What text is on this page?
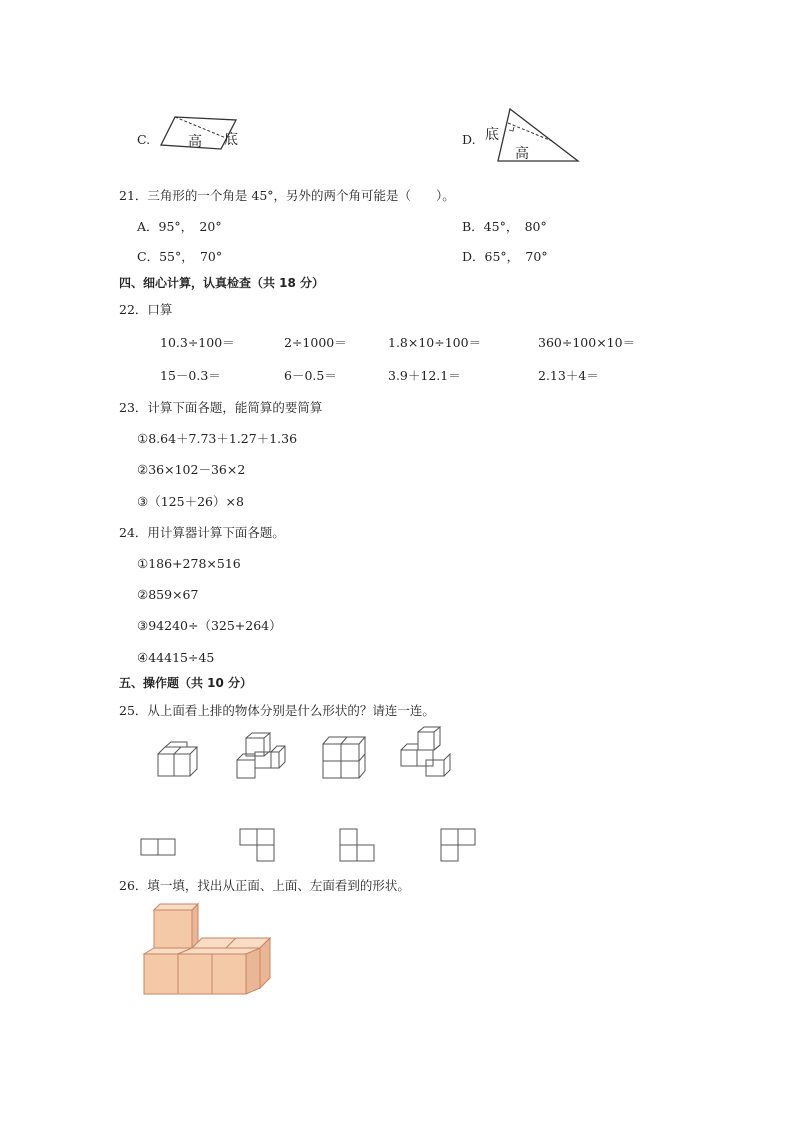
C.	高 底	D. 底
高
21．三角形的一个角是 45°，另外的两个角可能是（　　）。
A．95°，　20°	B．45°，　80°
C．55°，　70°	D．65°，　70°
四、细心计算，认真检查（共 18 分）
22．口算
10.3÷100＝	2÷1000＝	1.8×10÷100＝	360÷100×10＝
15－0.3＝	6－0.5＝	3.9＋12.1＝	2.13＋4＝
23．计算下面各题，能简算的要简算
①8.64＋7.73＋1.27＋1.36
②36×102－36×2
③（125＋26）×8
24．用计算器计算下面各题。
①186+278×516
②859×67
③94240÷（325+264）
④44415÷45
五、操作题（共 10 分）
25．从上面看上排的物体分别是什么形状的？请连一连。
26．填一填，找出从正面、上面、左面看到的形状。
